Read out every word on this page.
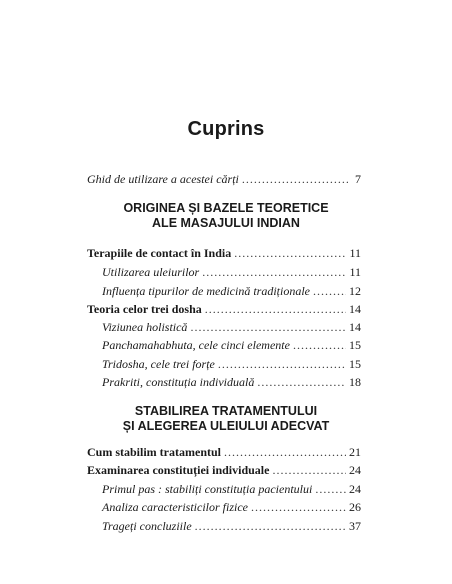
Cuprins
Ghid de utilizare a acestei cărți .....	7
ORIGINEA ȘI BAZELE TEORETICE
ALE MASAJULUI INDIAN
Terapiile de contact în India .....	11
Utilizarea uleiurilor .....	11
Influența tipurilor de medicină tradiționale .....	12
Teoria celor trei dosha .....	14
Viziunea holistică .....	14
Panchamahabhuta, cele cinci elemente .....	15
Tridosha, cele trei forțe .....	15
Prakriti, constituția individuală .....	18
STABILIREA TRATAMENTULUI
ȘI ALEGEREA ULEIULUI ADECVAT
Cum stabilim tratamentul .....	21
Examinarea constituției individuale .....	24
Primul pas : stabiliți constituția pacientului .....	24
Analiza caracteristicilor fizice .....	26
Trageți concluziile .....	37
